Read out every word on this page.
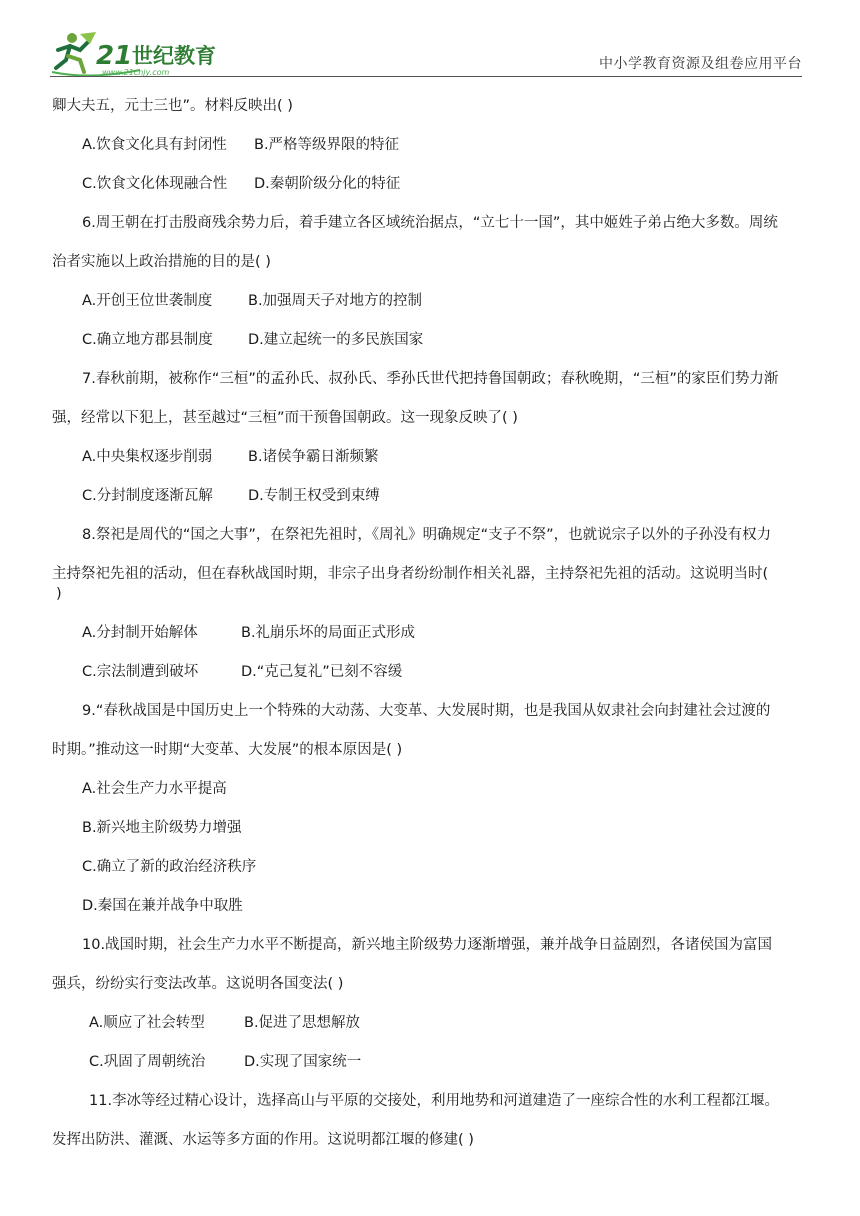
21 世纪教育
www.21cnjy.com
中小学教育资源及组卷应用平台
卿大夫五，元士三也”。材料反映出( )
A.饮食文化具有封闭性 B.严格等级界限的特征
C.饮食文化体现融合性 D.秦朝阶级分化的特征
6.周王朝在打击殷商残余势力后，着手建立各区域统治据点，“立七十一国”，其中姬姓子弟占绝大多数。周统
治者实施以上政治措施的目的是( )
A.开创王位世袭制度 B.加强周天子对地方的控制
C.确立地方郡县制度 D.建立起统一的多民族国家
7.春秋前期，被称作“三桓”的孟孙氏、叔孙氏、季孙氏世代把持鲁国朝政；春秋晚期，“三桓”的家臣们势力渐
强，经常以下犯上，甚至越过“三桓”而干预鲁国朝政。这一现象反映了( )
A.中央集权逐步削弱 B.诸侯争霸日渐频繁
C.分封制度逐渐瓦解 D.专制王权受到束缚
8.祭祀是周代的“国之大事”，在祭祀先祖时，《周礼》明确规定“支子不祭”，也就说宗子以外的子孙没有权力
主持祭祀先祖的活动，但在春秋战国时期，非宗子出身者纷纷制作相关礼器，主持祭祀先祖的活动。这说明当时(
)
A.分封制开始解体	B.礼崩乐坏的局面正式形成
C.宗法制遭到破坏	D.“克己复礼”已刻不容缓
9.“春秋战国是中国历史上一个特殊的大动荡、大变革、大发展时期，也是我国从奴隶社会向封建社会过渡的
时期。”推动这一时期“大变革、大发展”的根本原因是( )
A.社会生产力水平提高
B.新兴地主阶级势力增强
C.确立了新的政治经济秩序
D.秦国在兼并战争中取胜
10.战国时期，社会生产力水平不断提高，新兴地主阶级势力逐渐增强，兼并战争日益剧烈，各诸侯国为富国
强兵，纷纷实行变法改革。这说明各国变法( )
A.顺应了社会转型	B.促进了思想解放
C.巩固了周朝统治	D.实现了国家统一
11.李冰等经过精心设计，选择高山与平原的交接处，利用地势和河道建造了一座综合性的水利工程都江堰。
发挥出防洪、灌溉、水运等多方面的作用。这说明都江堰的修建( )
